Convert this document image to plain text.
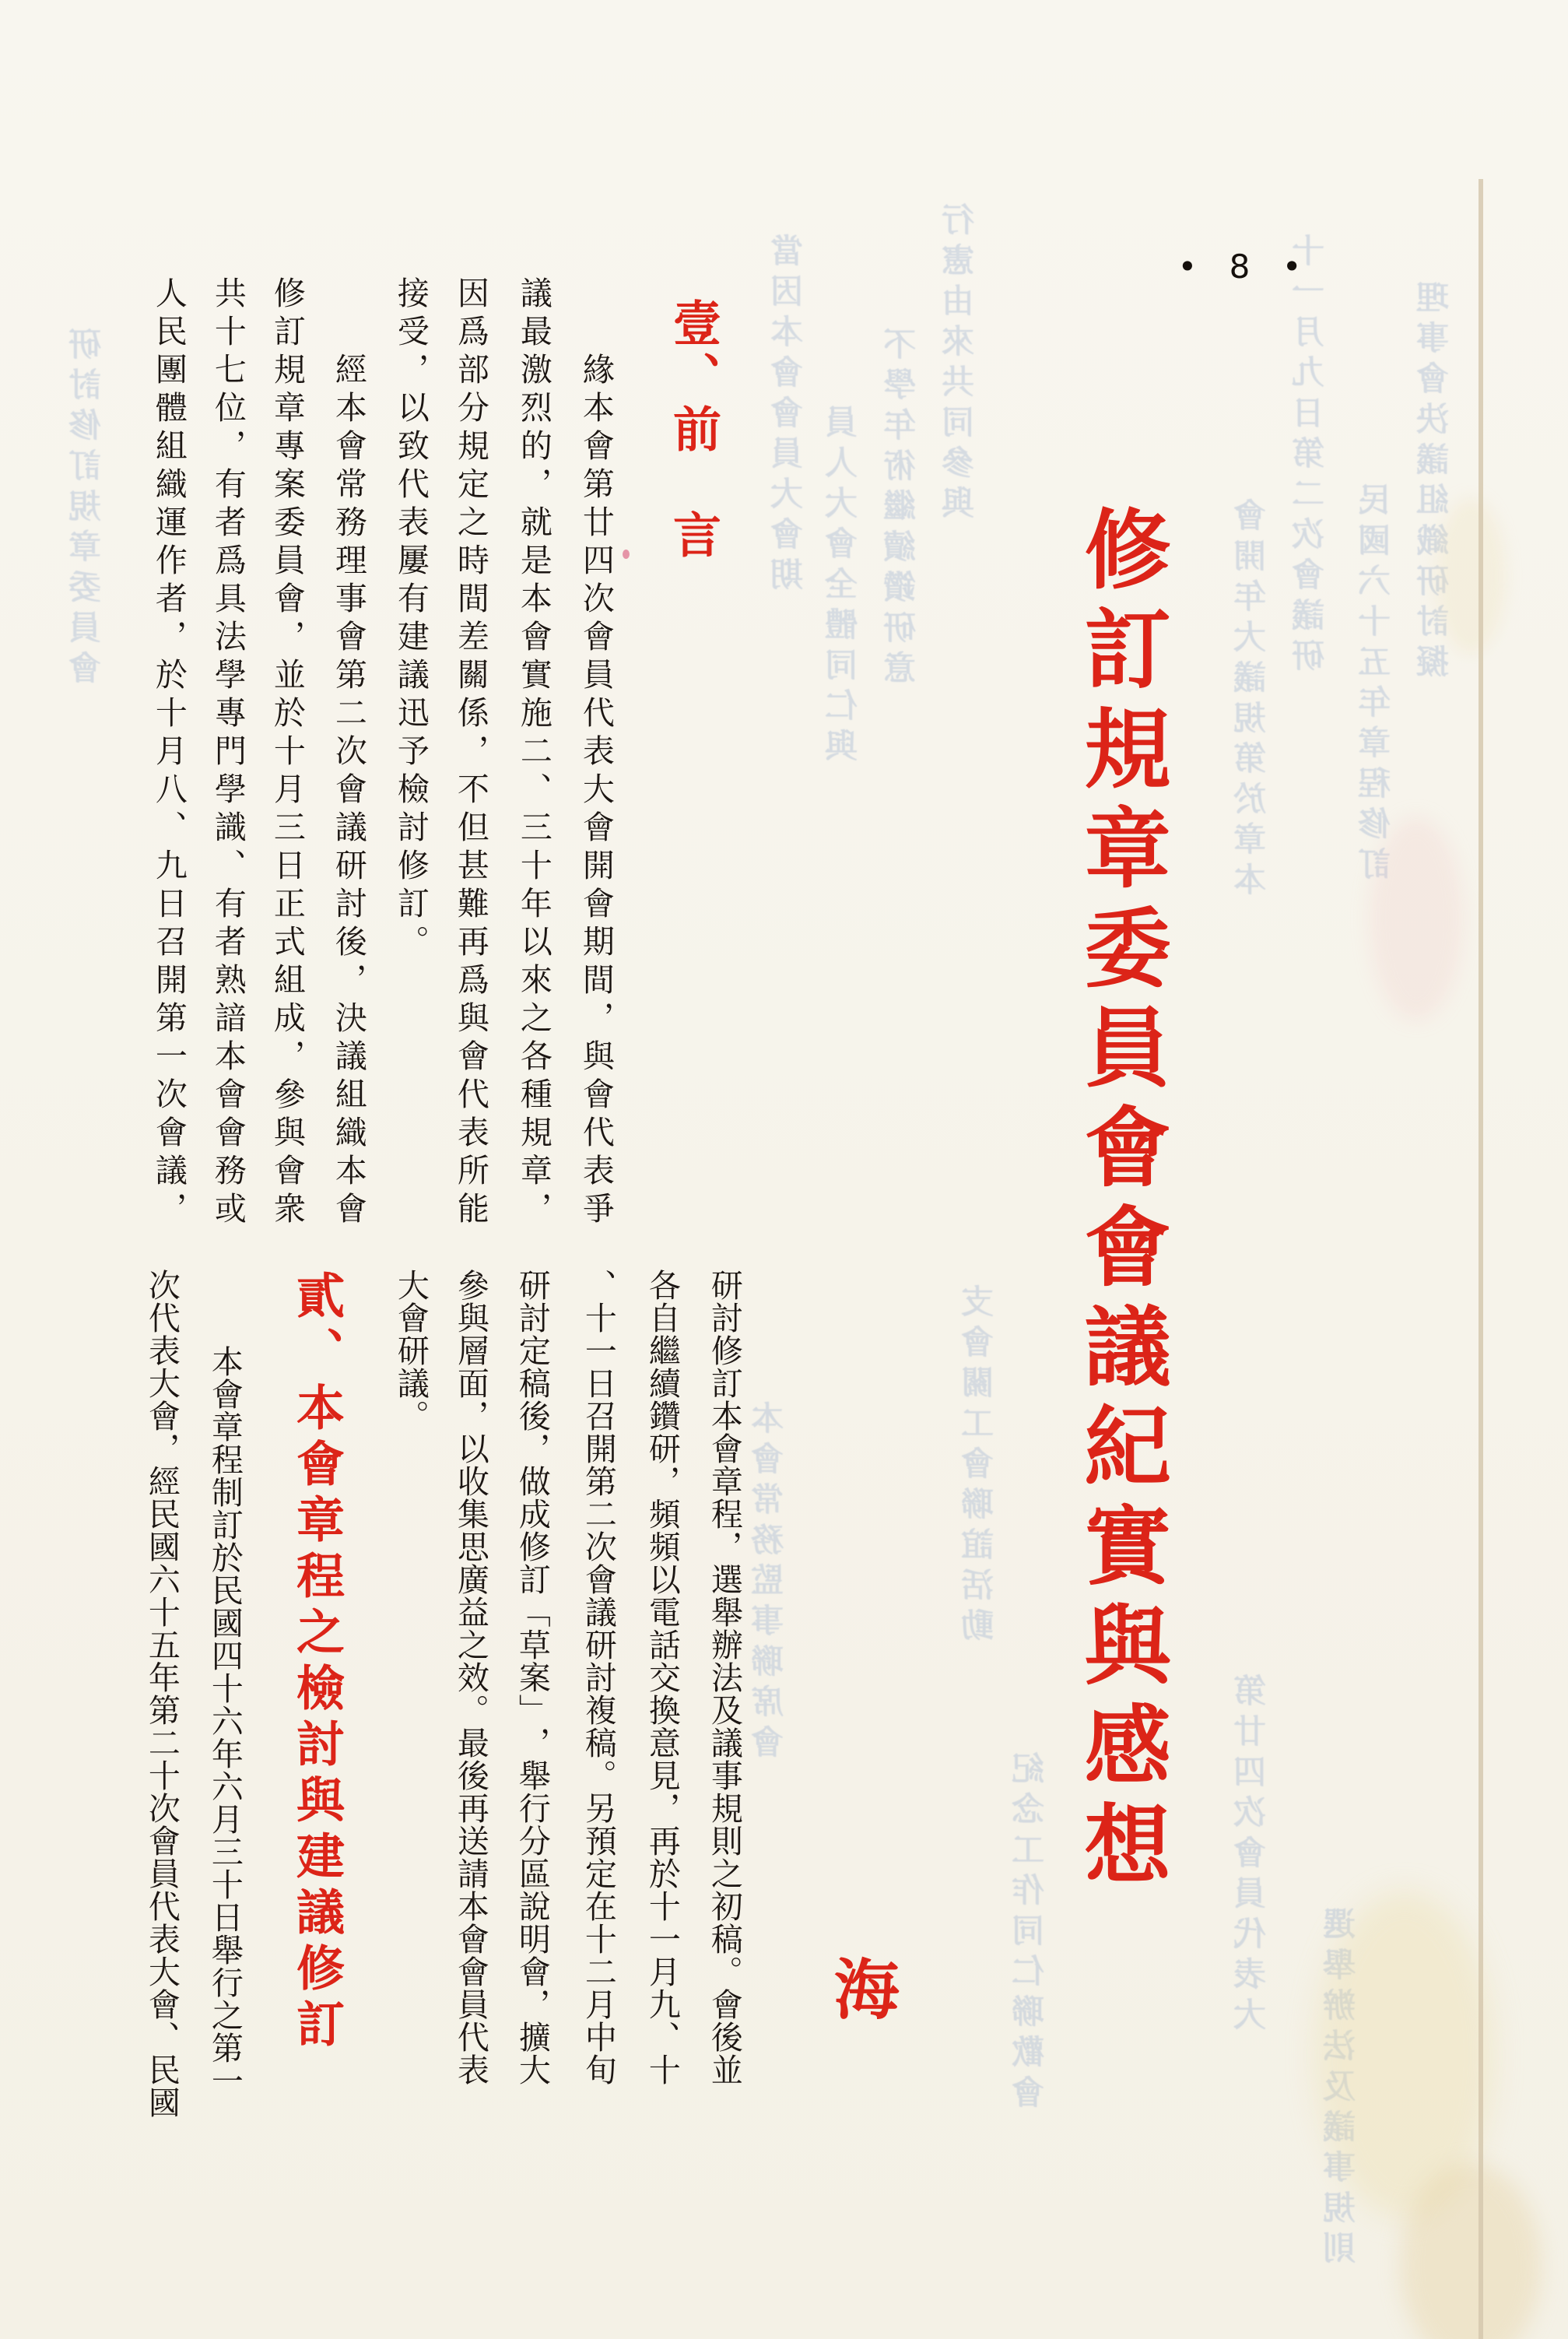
會開年大議規第於章本
十一月九日第二次會議研
民國六十五年章程修訂 理事會決議組織研討擬
行憲由來共同參與
不學年術繼續鑽研意
當因本會會員大會期 員人大會全體同仁與
支會關工會聯誼活動
紀念工作同仁聯歡會
本會常務監事聯席會
研討修訂規章委員會
第廿四次會員代表大
選舉辦法及議事規則
• 8 •
修訂規章委員會會議紀實與感想
海
壹、前　言
緣本會第廿四次會員代表大會開會期間，與會代表爭
議最激烈的，就是本會實施二、三十年以來之各種規章，
因爲部分規定之時間差關係，不但甚難再爲與會代表所能
接受，以致代表屢有建議迅予檢討修訂。
經本會常務理事會第二次會議研討後，決議組織本會
修訂規章專案委員會，並於十月三日正式組成，參與會衆
共十七位，有者爲具法學專門學識、有者熟諳本會會務或
人民團體組織運作者，於十月八、九日召開第一次會議，
研討修訂本會章程，選舉辦法及議事規則之初稿。會後並
各自繼續鑽研，頻頻以電話交換意見，再於十一月九、十
、十一日召開第二次會議研討複稿。另預定在十二月中旬
研討定稿後，做成修訂﹁草案﹂，舉行分區說明會，擴大
參與層面，以收集思廣益之效。最後再送請本會會員代表
大會研議。
貳、本會章程之檢討與建議修訂
本會章程制訂於民國四十六年六月三十日舉行之第一
次代表大會，經民國六十五年第二十次會員代表大會、民國
